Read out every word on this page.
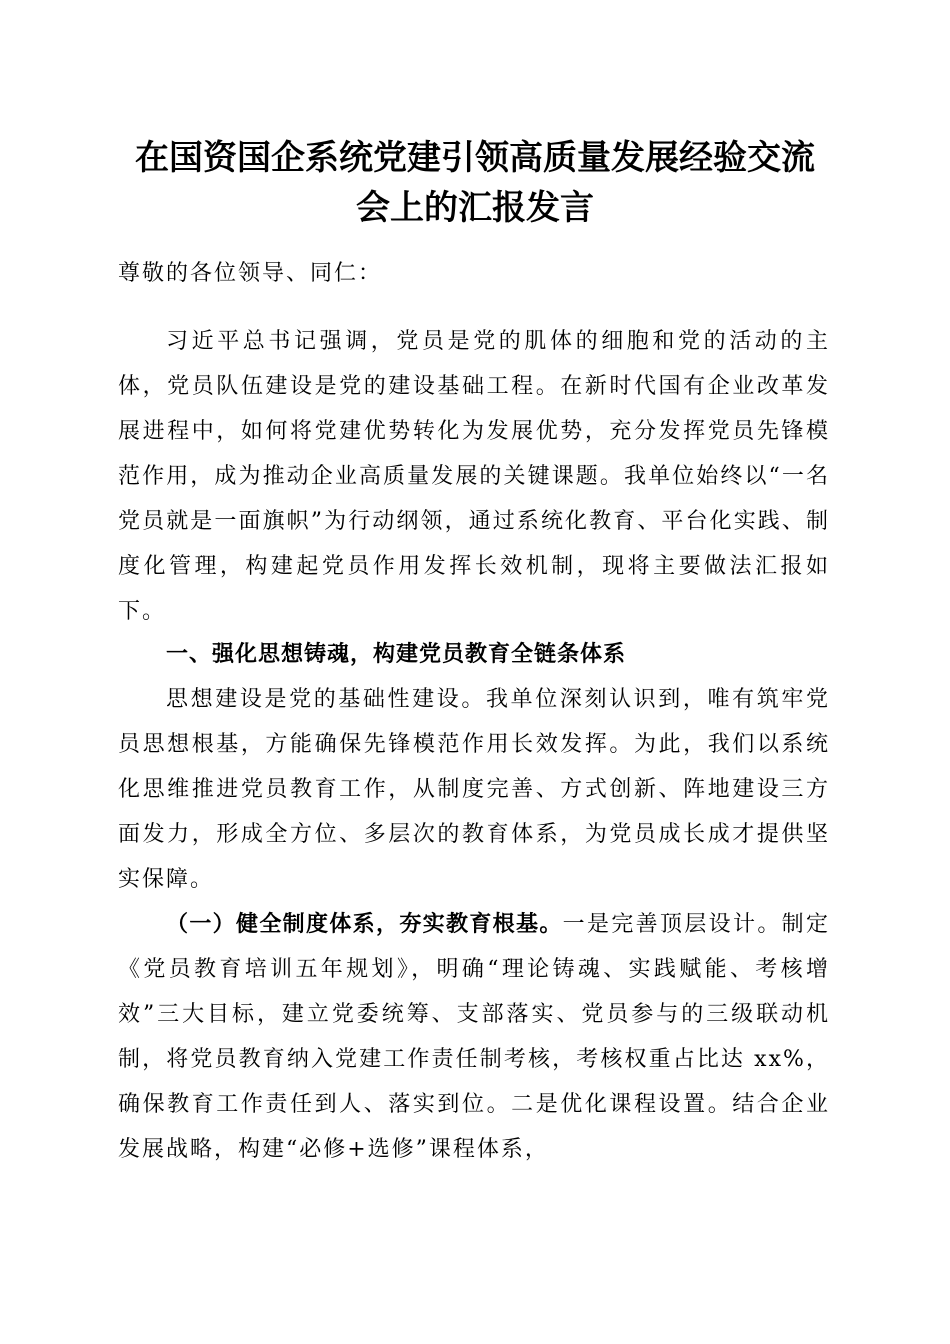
在国资国企系统党建引领高质量发展经验交流
会上的汇报发言

尊敬的各位领导、同仁：

习近平总书记强调，党员是党的肌体的细胞和党的活动的主体，党员队伍建设是党的建设基础工程。在新时代国有企业改革发展进程中，如何将党建优势转化为发展优势，充分发挥党员先锋模范作用，成为推动企业高质量发展的关键课题。我单位始终以“一名党员就是一面旗帜”为行动纲领，通过系统化教育、平台化实践、制度化管理，构建起党员作用发挥长效机制，现将主要做法汇报如下。

一、强化思想铸魂，构建党员教育全链条体系

思想建设是党的基础性建设。我单位深刻认识到，唯有筑牢党员思想根基，方能确保先锋模范作用长效发挥。为此，我们以系统化思维推进党员教育工作，从制度完善、方式创新、阵地建设三方面发力，形成全方位、多层次的教育体系，为党员成长成才提供坚实保障。

（一）健全制度体系，夯实教育根基。一是完善顶层设计。制定《党员教育培训五年规划》，明确“理论铸魂、实践赋能、考核增效”三大目标，建立党委统筹、支部落实、党员参与的三级联动机制，将党员教育纳入党建工作责任制考核，考核权重占比达 xx%，确保教育工作责任到人、落实到位。二是优化课程设置。结合企业发展战略，构建“必修+选修”课程体系，
